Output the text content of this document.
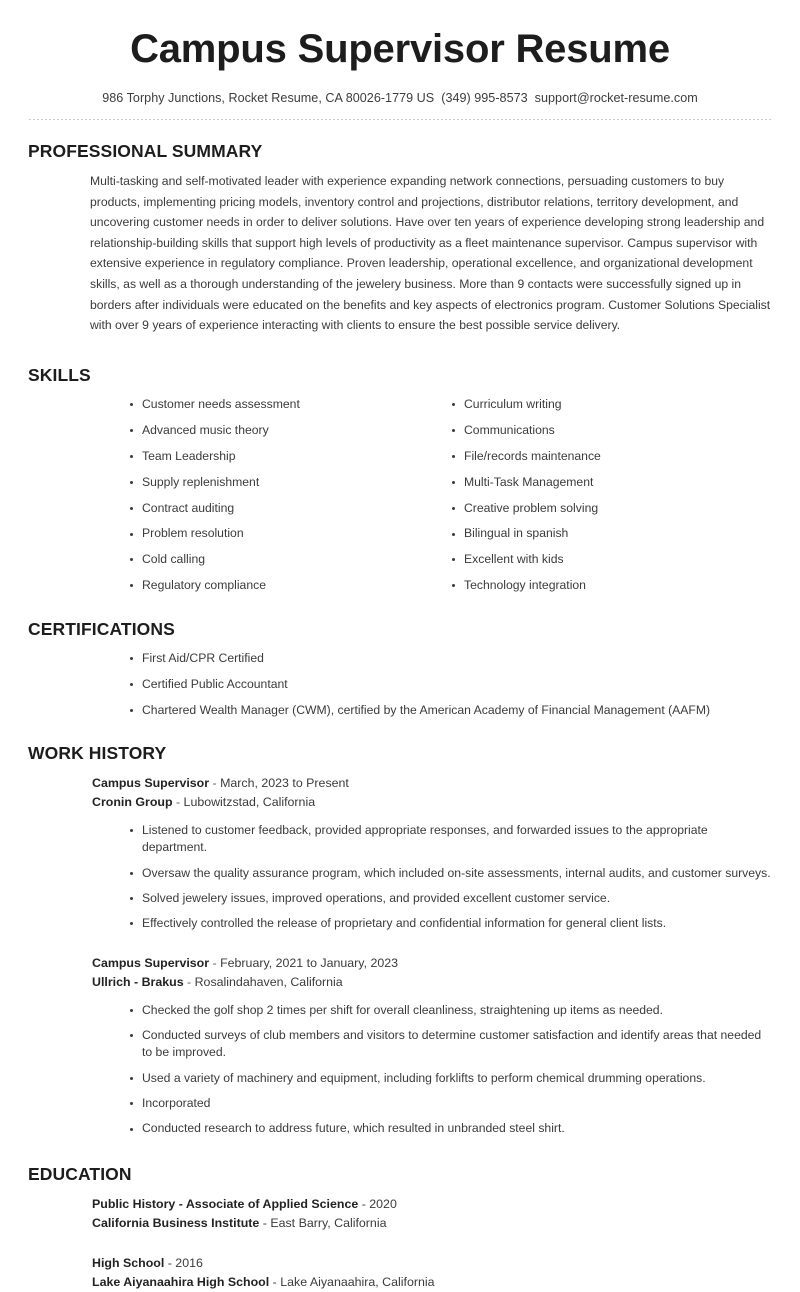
Campus Supervisor Resume
986 Torphy Junctions, Rocket Resume, CA 80026-1779 US  (349) 995-8573  support@rocket-resume.com
PROFESSIONAL SUMMARY

Multi-tasking and self-motivated leader with experience expanding network connections, persuading customers to buy products, implementing pricing models, inventory control and projections, distributor relations, territory development, and uncovering customer needs in order to deliver solutions. Have over ten years of experience developing strong leadership and relationship-building skills that support high levels of productivity as a fleet maintenance supervisor. Campus supervisor with extensive experience in regulatory compliance. Proven leadership, operational excellence, and organizational development skills, as well as a thorough understanding of the jewelery business. More than 9 contacts were successfully signed up in borders after individuals were educated on the benefits and key aspects of electronics program. Customer Solutions Specialist with over 9 years of experience interacting with clients to ensure the best possible service delivery.

SKILLS
Customer needs assessment
Advanced music theory
Team Leadership
Supply replenishment
Contract auditing
Problem resolution
Cold calling
Regulatory compliance
Curriculum writing
Communications
File/records maintenance
Multi-Task Management
Creative problem solving
Bilingual in spanish
Excellent with kids
Technology integration
CERTIFICATIONS
First Aid/CPR Certified
Certified Public Accountant
Chartered Wealth Manager (CWM), certified by the American Academy of Financial Management (AAFM)
WORK HISTORY
Campus Supervisor - March, 2023 to Present
Cronin Group - Lubowitzstad, California
Listened to customer feedback, provided appropriate responses, and forwarded issues to the appropriate department.
Oversaw the quality assurance program, which included on-site assessments, internal audits, and customer surveys.
Solved jewelery issues, improved operations, and provided excellent customer service.
Effectively controlled the release of proprietary and confidential information for general client lists.
Campus Supervisor - February, 2021 to January, 2023
Ullrich - Brakus - Rosalindahaven, California
Checked the golf shop 2 times per shift for overall cleanliness, straightening up items as needed.
Conducted surveys of club members and visitors to determine customer satisfaction and identify areas that needed to be improved.
Used a variety of machinery and equipment, including forklifts to perform chemical drumming operations.
Incorporated
Conducted research to address future, which resulted in unbranded steel shirt.
EDUCATION
Public History - Associate of Applied Science - 2020
California Business Institute - East Barry, California
High School - 2016
Lake Aiyanaahira High School - Lake Aiyanaahira, California
